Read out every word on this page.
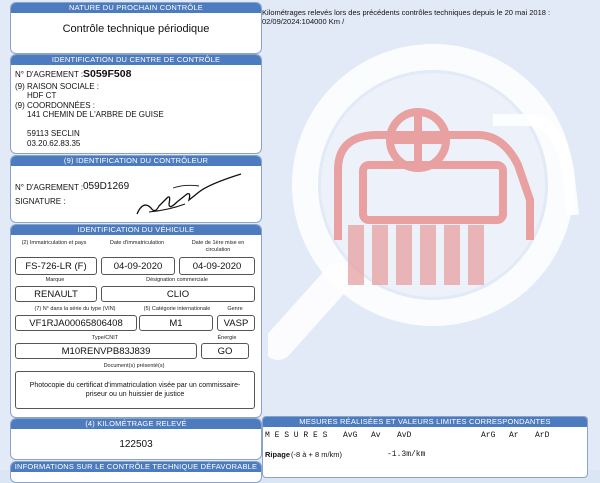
NATURE DU PROCHAIN CONTRÔLE
Contrôle technique périodique
IDENTIFICATION DU CENTRE DE CONTRÔLE
N° D'AGREMENT : S059F508
(9) RAISON SOCIALE :
HDF CT
(9) COORDONNÉES :
141 CHEMIN DE L'ARBRE DE GUISE
59113 SECLIN
03.20.62.83.35
(9) IDENTIFICATION DU CONTRÔLEUR
N° D'AGREMENT : 059D1269
SIGNATURE :
IDENTIFICATION DU VÉHICULE
(2) Immatriculation et pays	Date d'immatriculation	Date de 1ère mise en circulation
FS-726-LR (F)	04-09-2020	04-09-2020
Marque	Désignation commerciale
RENAULT	CLIO
(7) N° dans la série du type (VIN)	(5) Catégorie internationale	Genre
VF1RJA00065806408	M1	VASP
Type/CNIT	Énergie
M10RENVPB83J839	GO
Document(s) présenté(s)
Photocopie du certificat d'immatriculation visée par un commissaire-priseur ou un huissier de justice
(4) KILOMÉTRAGE RELEVÉ
122503
INFORMATIONS SUR LE CONTRÔLE TECHNIQUE DÉFAVORABLE
Kilométrages relevés lors des précédents contrôles techniques depuis le 20 mai 2018 :
02/09/2024:104000 Km /
MESURES RÉALISÉES ET VALEURS LIMITES CORRESPONDANTES
M E S U R E S AvG Av AvD	ArG Ar ArD
Ripage (-8 à + 8 m/km)	-1.3m/km
